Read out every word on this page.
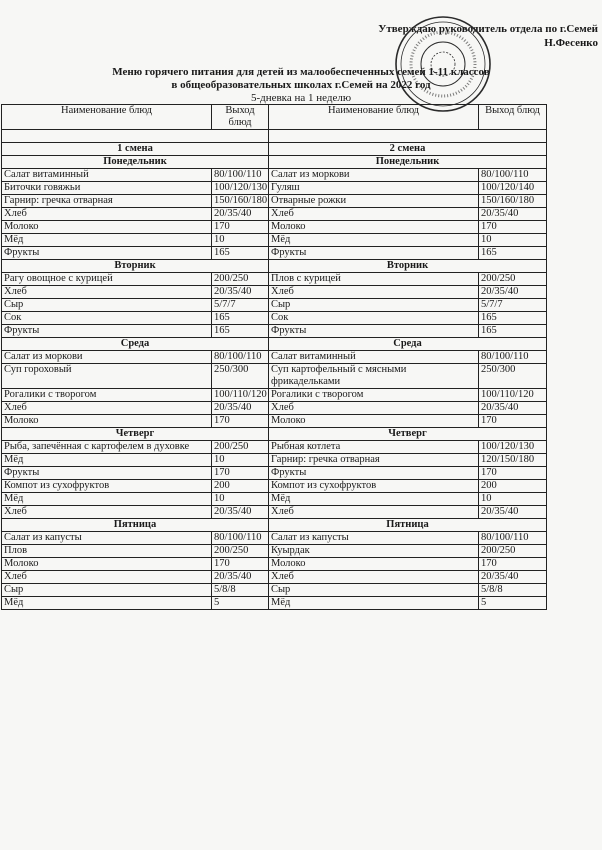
Утверждаю руководитель отдела по г.Семей
Н.Фесенко
Меню горячего питания для детей из малообеспеченных семей 1-11 классов
в общеобразовательных школах г.Семей на 2022 год
5-дневка на 1 неделю
Наименование блюд	Выход блюд	Наименование блюд	Выход блюд

1 смена		2 смена	
Понедельник		Понедельник	
Салат витаминный	80/100/110	Салат из моркови	80/100/110
Биточки говяжьи	100/120/130	Гуляш	100/120/140
Гарнир: гречка отварная	150/160/180	Отварные рожки	150/160/180
Хлеб	20/35/40	Хлеб	20/35/40
Молоко	170	Молоко	170
Мёд	10	Мёд	10
Фрукты	165	Фрукты	165
Вторник		Вторник	
Рагу овощное с курицей	200/250	Плов с курицей	200/250
Хлеб	20/35/40	Хлеб	20/35/40
Сыр	5/7/7	Сыр	5/7/7
Сок	165	Сок	165
Фрукты	165	Фрукты	165
Среда		Среда	
Салат из моркови	80/100/110	Салат витаминный	80/100/110
Суп гороховый	250/300	Суп картофельный с мясными фрикадельками	250/300
Рогалики с творогом	100/110/120	Рогалики с творогом	100/110/120
Хлеб	20/35/40	Хлеб	20/35/40
Молоко	170	Молоко	170
Четверг		Четверг	
Рыба, запечённая с картофелем в духовке	200/250	Рыбная котлета	100/120/130
Мёд	10	Гарнир: гречка отварная	120/150/180
Фрукты	170	Фрукты	170
Компот из сухофруктов	200	Компот из сухофруктов	200
Мёд	10	Мёд	10
Хлеб	20/35/40	Хлеб	20/35/40
Пятница		Пятница	
Салат из капусты	80/100/110	Салат из капусты	80/100/110
Плов	200/250	Куырдак	200/250
Молоко	170	Молоко	170
Хлеб	20/35/40	Хлеб	20/35/40
Сыр	5/8/8	Сыр	5/8/8
Мёд	5	Мёд	5
